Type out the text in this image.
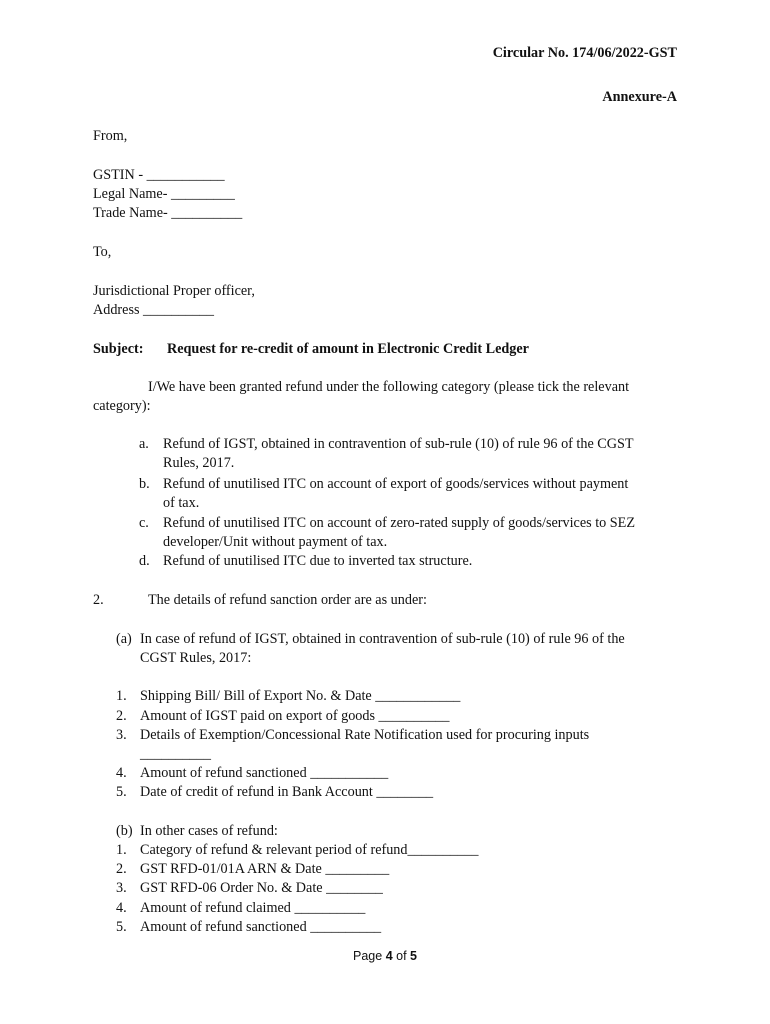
Circular No. 174/06/2022-GST
Annexure-A
From,
GSTIN - ___________
Legal Name- _________
Trade Name- __________
To,
Jurisdictional Proper officer,
Address __________
Subject: Request for re-credit of amount in Electronic Credit Ledger
I/We have been granted refund under the following category (please tick the relevant
category):
a. Refund of IGST, obtained in contravention of sub-rule (10) of rule 96 of the CGST
Rules, 2017.
b. Refund of unutilised ITC on account of export of goods/services without payment
of tax.
c. Refund of unutilised ITC on account of zero-rated supply of goods/services to SEZ
developer/Unit without payment of tax.
d. Refund of unutilised ITC due to inverted tax structure.
2.	The details of refund sanction order are as under:
(a) In case of refund of IGST, obtained in contravention of sub-rule (10) of rule 96 of the
CGST Rules, 2017:
1. Shipping Bill/ Bill of Export No. & Date ____________
2. Amount of IGST paid on export of goods __________
3. Details of Exemption/Concessional Rate Notification used for procuring inputs
__________
4. Amount of refund sanctioned ___________
5. Date of credit of refund in Bank Account ________
(b) In other cases of refund:
1. Category of refund & relevant period of refund__________
2. GST RFD-01/01A ARN & Date _________
3. GST RFD-06 Order No. & Date ________
4. Amount of refund claimed __________
5. Amount of refund sanctioned __________
Page 4 of 5
